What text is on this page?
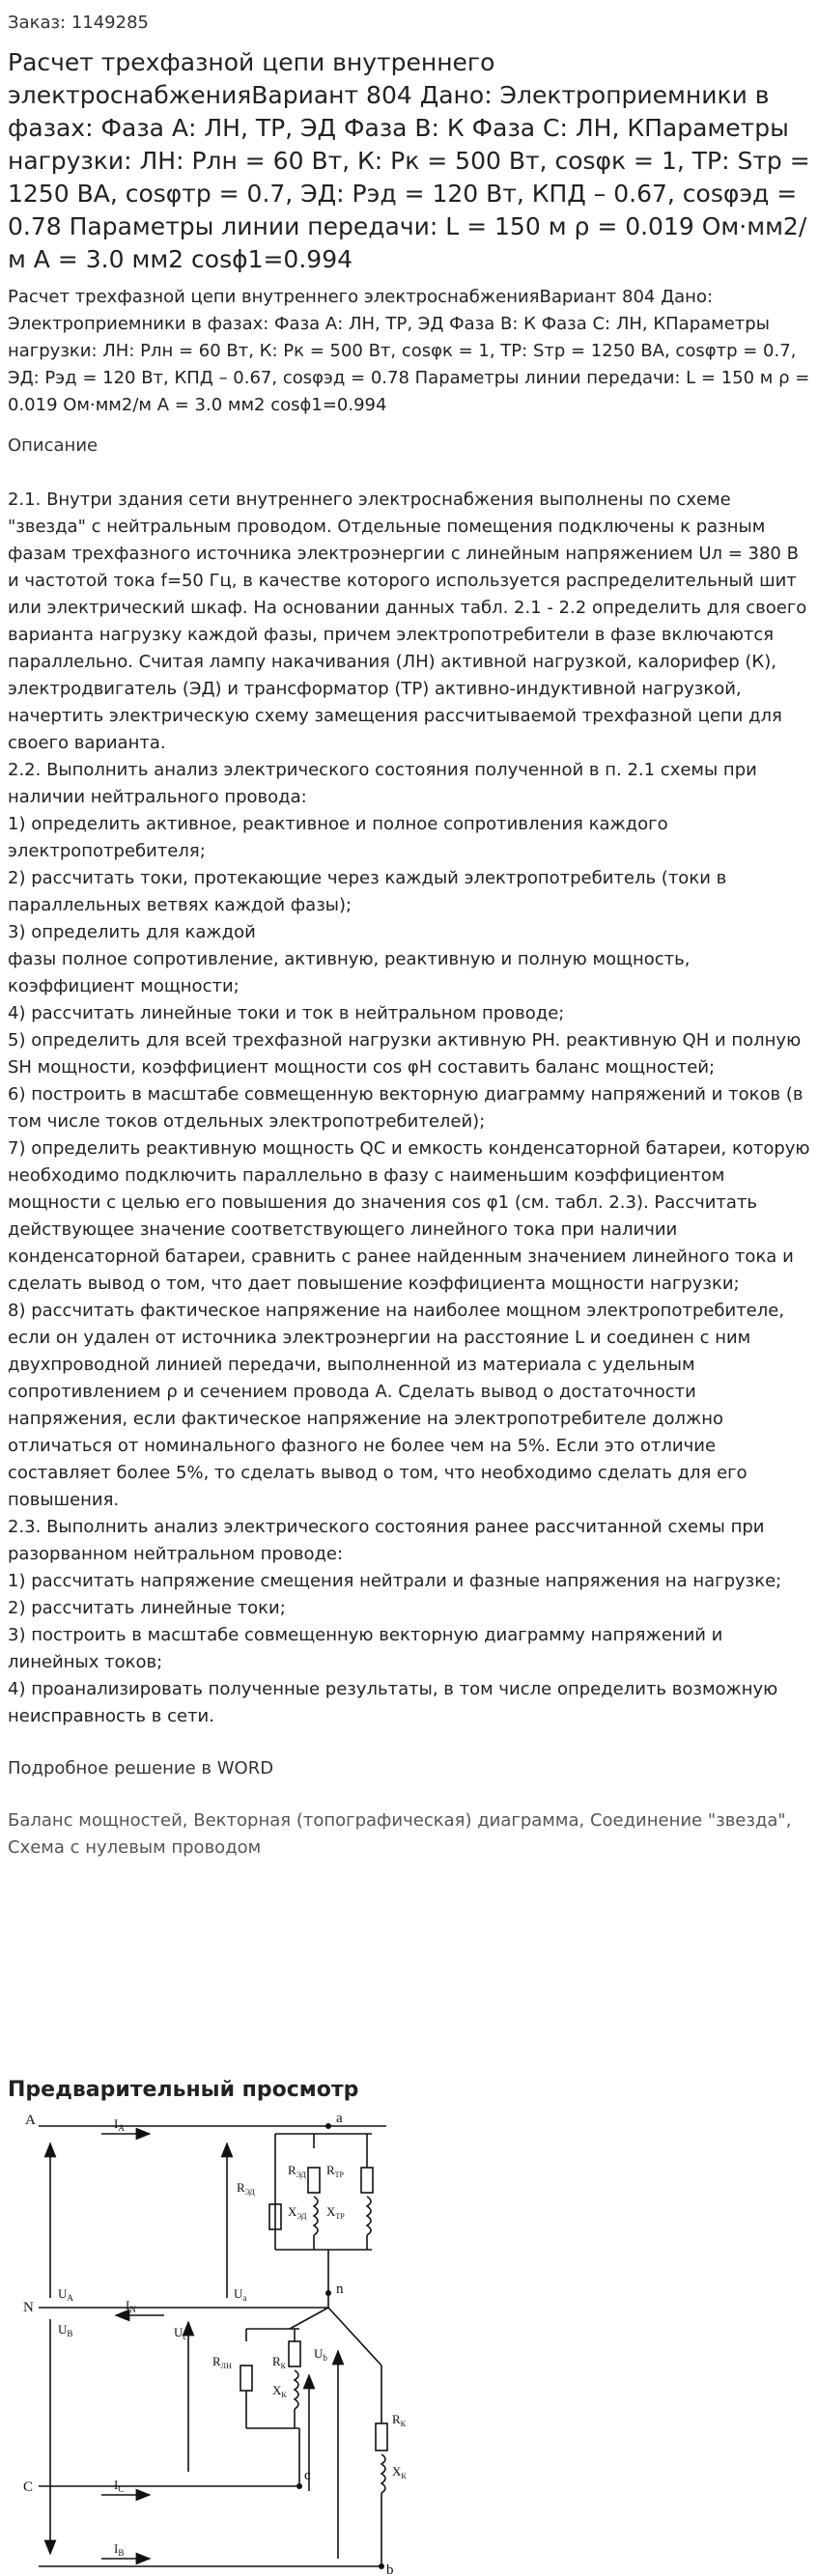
Заказ: 1149285
Расчет трехфазной цепи внутреннего электроснабженияВариант 804 Дано: Электроприемники в фазах: Фаза А: ЛН, ТР, ЭД Фаза В: К Фаза С: ЛН, КПараметры нагрузки: ЛН: Рлн = 60 Вт, К: Рк = 500 Вт, cosφк = 1, ТР: Sтр = 1250 ВА, cosφтр = 0.7, ЭД: Рэд = 120 Вт, КПД – 0.67, cosφэд = 0.78 Параметры линии передачи: L = 150 м ρ = 0.019 Ом·мм2/м А = 3.0 мм2 cosϕ1=0.994
Расчет трехфазной цепи внутреннего электроснабженияВариант 804 Дано: Электроприемники в фазах: Фаза А: ЛН, ТР, ЭД Фаза В: К Фаза С: ЛН, КПараметры нагрузки: ЛН: Рлн = 60 Вт, К: Рк = 500 Вт, cosφк = 1, ТР: Sтр = 1250 ВА, cosφтр = 0.7, ЭД: Рэд = 120 Вт, КПД – 0.67, cosφэд = 0.78 Параметры линии передачи: L = 150 м ρ = 0.019 Ом·мм2/м А = 3.0 мм2 cosϕ1=0.994
Описание

2.1. Внутри здания сети внутреннего электроснабжения выполнены по схеме "звезда" с нейтральным проводом. Отдельные помещения подключены к разным фазам трехфазного источника электроэнергии с линейным напряжением Uл = 380 В и частотой тока f=50 Гц, в качестве которого используется распределительный шит или электрический шкаф. На основании данных табл. 2.1 - 2.2 определить для своего варианта нагрузку каждой фазы, причем электропотребители в фазе включаются параллельно. Считая лампу накачивания (ЛН) активной нагрузкой, калорифер (К), электродвигатель (ЭД) и трансформатор (ТР) активно-индуктивной нагрузкой, начертить электрическую схему замещения рассчитываемой трехфазной цепи для своего варианта.

2.2. Выполнить анализ электрического состояния полученной в п. 2.1 схемы при наличии нейтрального провода:

1) определить активное, реактивное и полное сопротивления каждого электропотребителя;

2) рассчитать токи, протекающие через каждый электропотребитель (токи в параллельных ветвях каждой фазы);

3) определить для каждой

фазы полное сопротивление, активную, реактивную и полную мощность, коэффициент мощности;

4) рассчитать линейные токи и ток в нейтральном проводе;

5) определить для всей трехфазной нагрузки активную PH. реактивную QH и полную SH мощности, коэффициент мощности cos φH составить баланс мощностей;

6) построить в масштабе совмещенную векторную диаграмму напряжений и токов (в том числе токов отдельных электропотребителей);

7) определить реактивную мощность QC и емкость конденсаторной батареи, которую необходимо подключить параллельно в фазу с наименьшим коэффициентом мощности с целью его повышения до значения cos φ1 (см. табл. 2.3). Рассчитать действующее значение соответствующего линейного тока при наличии конденсаторной батареи, сравнить с ранее найденным значением линейного тока и сделать вывод о том, что дает повышение коэффициента мощности нагрузки;

8) рассчитать фактическое напряжение на наиболее мощном электропотребителе, если он удален от источника электроэнергии на расстояние L и соединен с ним двухпроводной линией передачи, выполненной из материала с удельным сопротивлением ρ и сечением провода А. Сделать вывод о достаточности напряжения, если фактическое напряжение на электропотребителе должно отличаться от номинального фазного не более чем на 5%. Если это отличие составляет более 5%, то сделать вывод о том, что необходимо сделать для его повышения.

2.3. Выполнить анализ электрического состояния ранее рассчитанной схемы при разорванном нейтральном проводе:

1) рассчитать напряжение смещения нейтрали и фазные напряжения на нагрузке;

2) рассчитать линейные токи;

3) построить в масштабе совмещенную векторную диаграмму напряжений и линейных токов;

4) проанализировать полученные результаты, в том числе определить возможную неисправность в сети.

Подробное решение в WORD
Баланс мощностей, Векторная (топографическая) диаграмма, Соединение "звезда", Схема с нулевым проводом
Предварительный просмотр
A
N
C
a
n
c
b
$I_A$
$I_N$
$I_C$
$I_B$
$U_A$
$U_B$
$U_a$
$U_c$
$U_b$
$R_{ЭД}$
$R_{ЭД}$
$X_{ЭД}$
$R_{ТР}$
$X_{ТР}$
$R_{ЛН}$	$R_К$
$X_К$
$R_К$
$X_К$
